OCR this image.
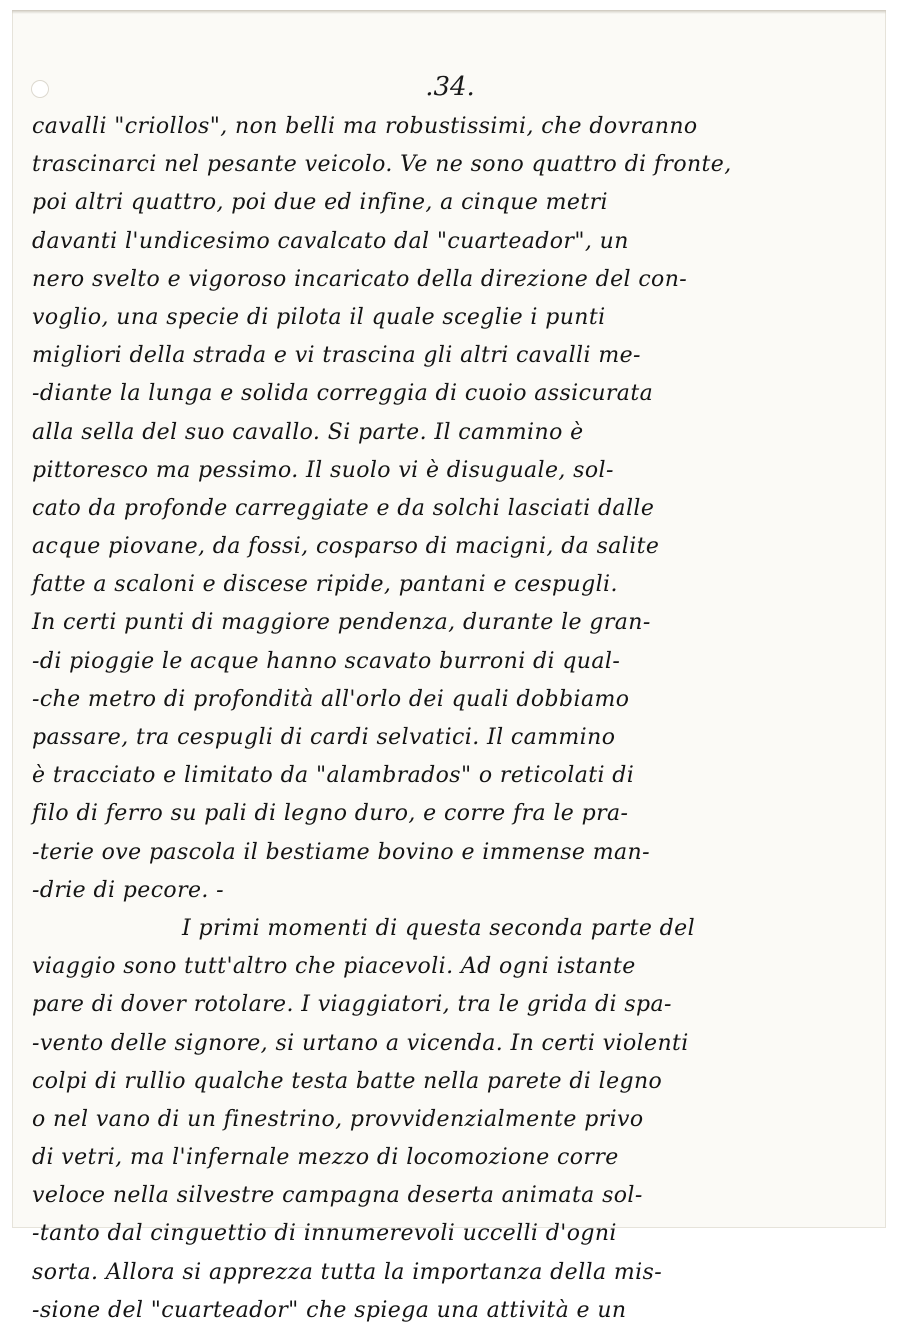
.34.
cavalli "criollos", non belli ma robustissimi, che dovranno
trascinarci nel pesante veicolo. Ve ne sono quattro di fronte,
poi altri quattro, poi due ed infine, a cinque metri
davanti l'undicesimo cavalcato dal "cuarteador", un
nero svelto e vigoroso incaricato della direzione del con-
voglio, una specie di pilota il quale sceglie i punti
migliori della strada e vi trascina gli altri cavalli me-
-diante la lunga e solida correggia di cuoio assicurata
alla sella del suo cavallo. Si parte. Il cammino è
pittoresco ma pessimo. Il suolo vi è disuguale, sol-
cato da profonde carreggiate e da solchi lasciati dalle
acque piovane, da fossi, cosparso di macigni, da salite
fatte a scaloni e discese ripide, pantani e cespugli.
In certi punti di maggiore pendenza, durante le gran-
-di pioggie le acque hanno scavato burroni di qual-
-che metro di profondità all'orlo dei quali dobbiamo
passare, tra cespugli di cardi selvatici. Il cammino
è tracciato e limitato da "alambrados" o reticolati di
filo di ferro su pali di legno duro, e corre fra le pra-
-terie ove pascola il bestiame bovino e immense man-
-drie di pecore. -
I primi momenti di questa seconda parte del
viaggio sono tutt'altro che piacevoli. Ad ogni istante
pare di dover rotolare. I viaggiatori, tra le grida di spa-
-vento delle signore, si urtano a vicenda. In certi violenti
colpi di rullio qualche testa batte nella parete di legno
o nel vano di un finestrino, provvidenzialmente privo
di vetri, ma l'infernale mezzo di locomozione corre
veloce nella silvestre campagna deserta animata sol-
-tanto dal cinguettio di innumerevoli uccelli d'ogni
sorta. Allora si apprezza tutta la importanza della mis-
-sione del "cuarteador" che spiega una attività e un
